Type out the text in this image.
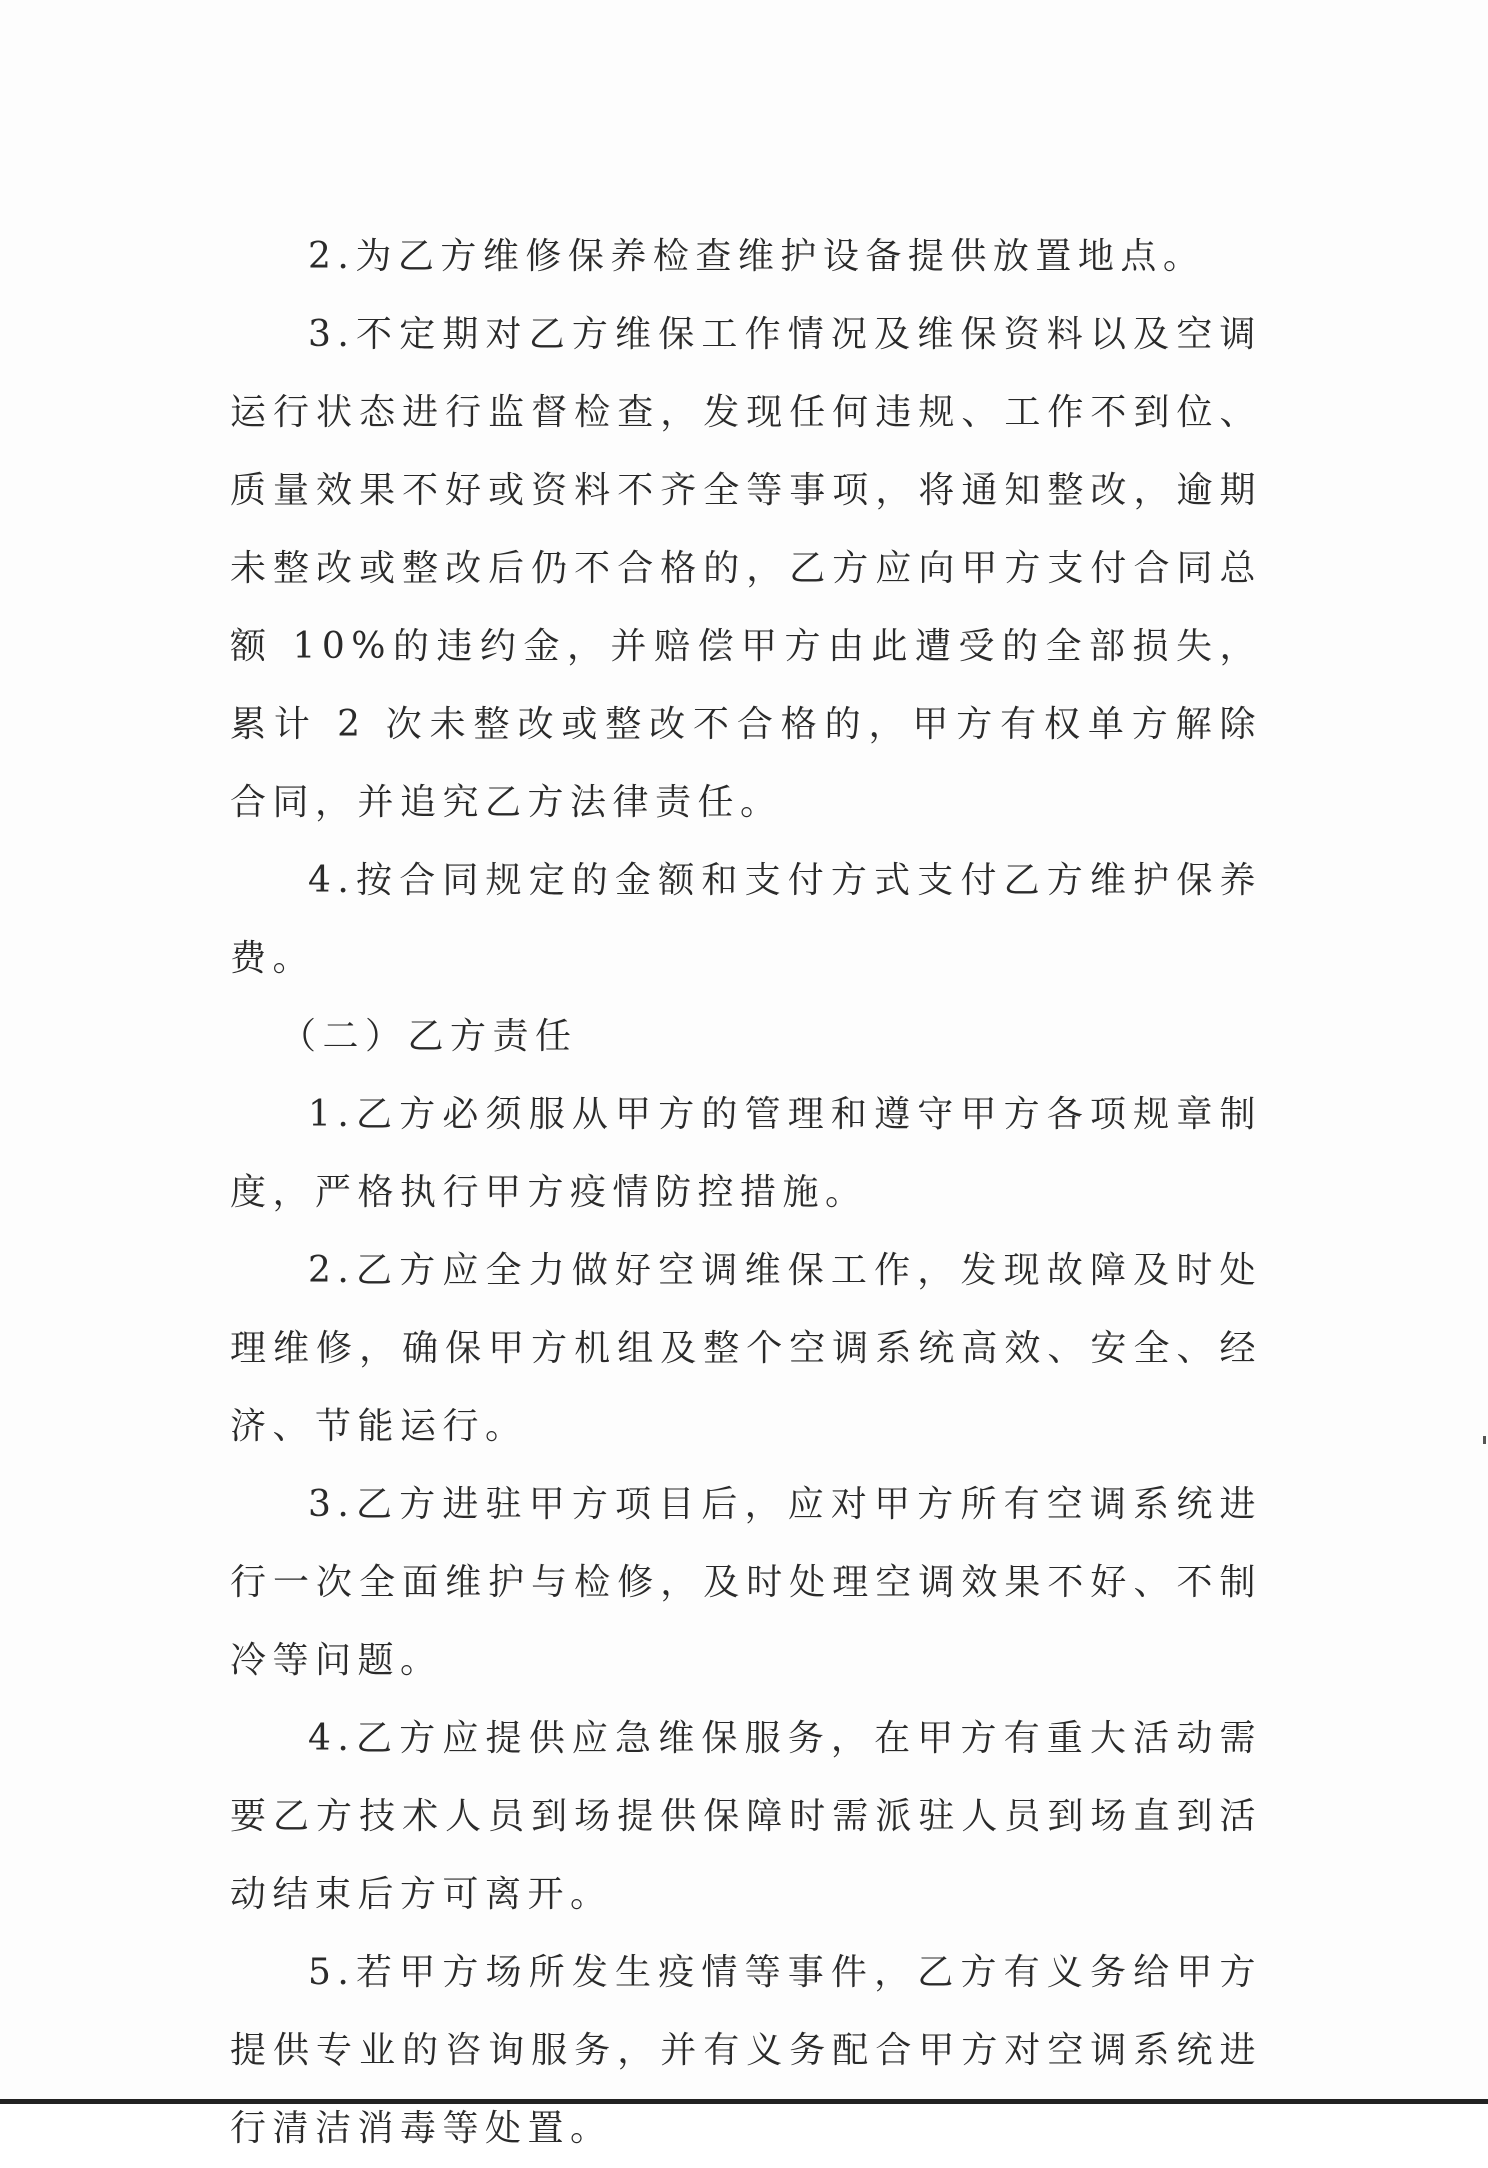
2.为乙方维修保养检查维护设备提供放置地点。

3.不定期对乙方维保工作情况及维保资料以及空调运行状态进行监督检查，发现任何违规、工作不到位、质量效果不好或资料不齐全等事项，将通知整改，逾期未整改或整改后仍不合格的，乙方应向甲方支付合同总额 10%的违约金，并赔偿甲方由此遭受的全部损失，累计 2 次未整改或整改不合格的，甲方有权单方解除合同，并追究乙方法律责任。

4.按合同规定的金额和支付方式支付乙方维护保养费。

（二）乙方责任

1.乙方必须服从甲方的管理和遵守甲方各项规章制度，严格执行甲方疫情防控措施。

2.乙方应全力做好空调维保工作，发现故障及时处理维修，确保甲方机组及整个空调系统高效、安全、经济、节能运行。

3.乙方进驻甲方项目后，应对甲方所有空调系统进行一次全面维护与检修，及时处理空调效果不好、不制冷等问题。

4.乙方应提供应急维保服务，在甲方有重大活动需要乙方技术人员到场提供保障时需派驻人员到场直到活动结束后方可离开。

5.若甲方场所发生疫情等事件，乙方有义务给甲方提供专业的咨询服务，并有义务配合甲方对空调系统进行清洁消毒等处置。
